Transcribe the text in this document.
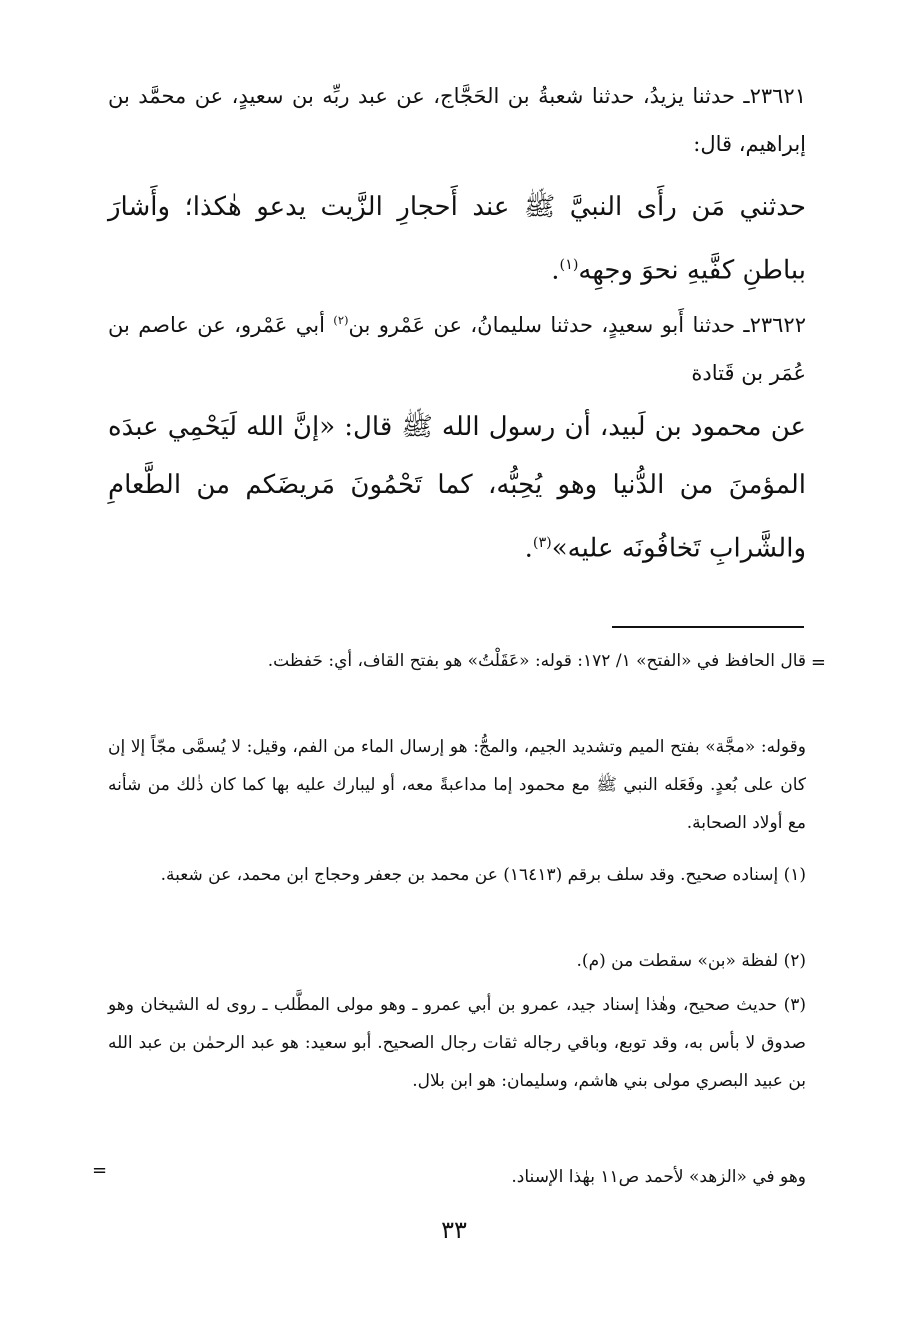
٢٣٦٢١ـ حدثنا يزيدُ، حدثنا شعبةُ بن الحَجَّاج، عن عبد ربِّه بن سعيدٍ، عن محمَّد بن إبراهيم، قال:
حدثني مَن رأَى النبيَّ ﷺ عند أَحجارِ الزَّيت يدعو هٰكذا؛ وأَشارَ بباطنِ كفَّيهِ نحوَ وجهِه$^{(١)}$.
٢٣٦٢٢ـ حدثنا أَبو سعيدٍ، حدثنا سليمانُ، عن عَمْرو بن$^{(٢)}$ أبي عَمْرو، عن عاصم بن عُمَر بن قَتادة
عن محمود بن لَبيد، أن رسول الله ﷺ قال: «إنَّ الله لَيَحْمِي عبدَه المؤمنَ من الدُّنيا وهو يُحِبُّه، كما تَحْمُونَ مَريضَكم من الطَّعامِ والشَّرابِ تَخافُونَه عليه»$^{(٣)}$.
=
قال الحافظ في «الفتح» ١/ ١٧٢: قوله: «عَقَلْتُ» هو بفتح القاف، أي: حَفظت.
وقوله: «مجَّة» بفتح الميم وتشديد الجيم، والمجُّ: هو إرسال الماء من الفم، وقيل: لا يُسمَّى مجّاً إلا إن كان على بُعدٍ. وفَعَله النبي ﷺ مع محمود إما مداعبةً معه، أو ليبارك عليه بها كما كان ذٰلك من شأنه مع أولاد الصحابة.
(١) إسناده صحيح. وقد سلف برقم (١٦٤١٣) عن محمد بن جعفر وحجاج ابن محمد، عن شعبة.
(٢) لفظة «بن» سقطت من (م).
(٣) حديث صحيح، وهٰذا إسناد جيد، عمرو بن أبي عمرو ـ وهو مولى المطَّلب ـ روى له الشيخان وهو صدوق لا بأس به، وقد توبع، وباقي رجاله ثقات رجال الصحيح. أبو سعيد: هو عبد الرحمٰن بن عبد الله بن عبيد البصري مولى بني هاشم، وسليمان: هو ابن بلال.
وهو في «الزهد» لأحمد ص١١ بهٰذا الإسناد.
=
٣٣
